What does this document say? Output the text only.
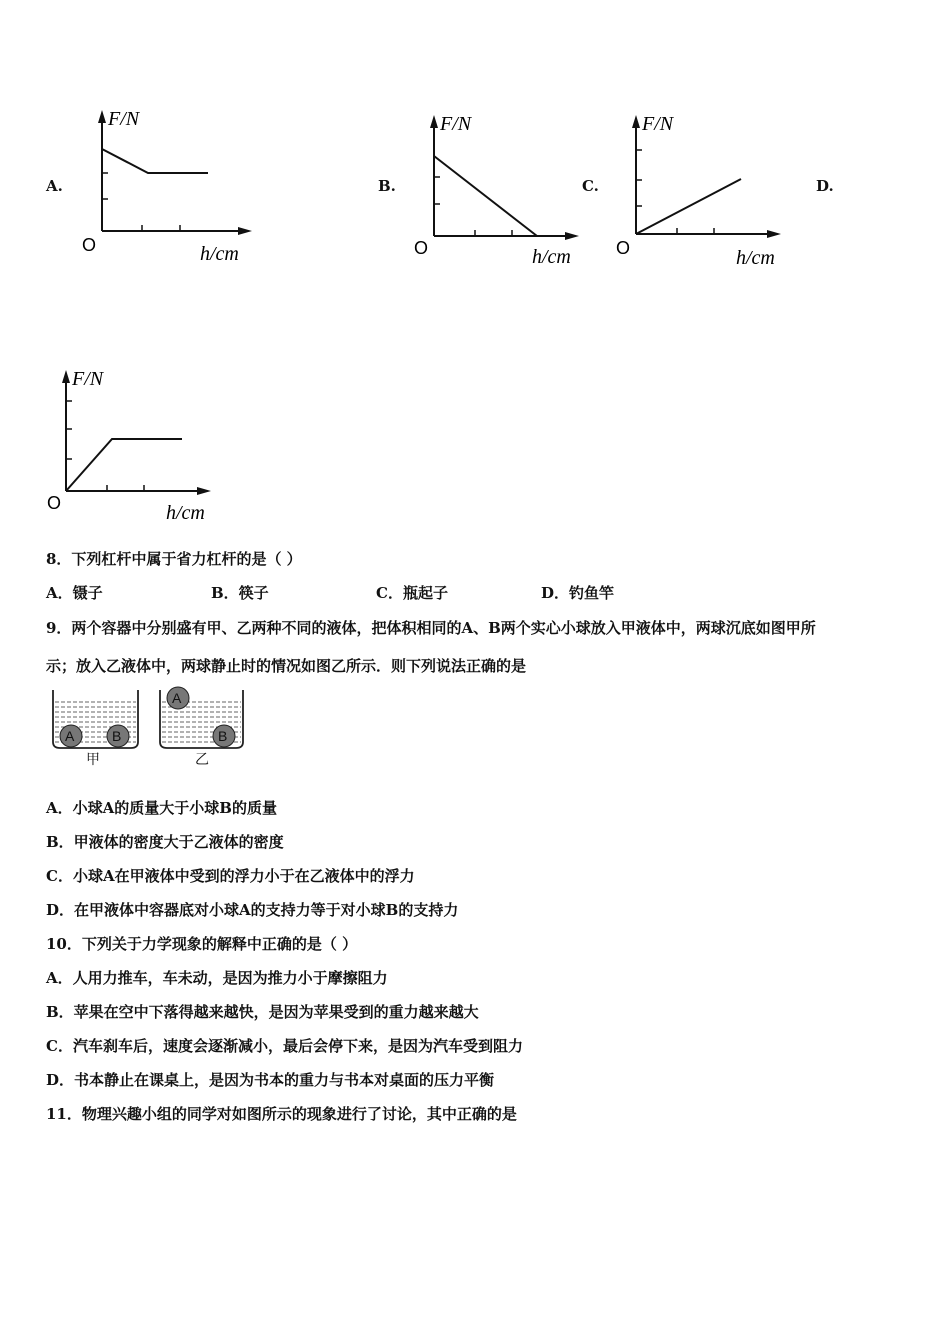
A.	B.	C.	D.
F/N
h/cm
O
F/N
h/cm
O
F/N
h/cm
O
F/N
h/cm
O
8．下列杠杆中属于省力杠杆的是（ ）
A．镊子	B．筷子	C．瓶起子	D．钓鱼竿
9．两个容器中分别盛有甲、乙两种不同的液体，把体积相同的A、B两个实心小球放入甲液体中，两球沉底如图甲所
示；放入乙液体中，两球静止时的情况如图乙所示．则下列说法正确的是
A	B
甲
A
B
乙
A．小球A的质量大于小球B的质量
B．甲液体的密度大于乙液体的密度
C．小球A在甲液体中受到的浮力小于在乙液体中的浮力
D．在甲液体中容器底对小球A的支持力等于对小球B的支持力
10．下列关于力学现象的解释中正确的是（ ）
A．人用力推车，车未动，是因为推力小于摩擦阻力
B．苹果在空中下落得越来越快，是因为苹果受到的重力越来越大
C．汽车刹车后，速度会逐渐减小，最后会停下来，是因为汽车受到阻力
D．书本静止在课桌上，是因为书本的重力与书本对桌面的压力平衡
11．物理兴趣小组的同学对如图所示的现象进行了讨论，其中正确的是
